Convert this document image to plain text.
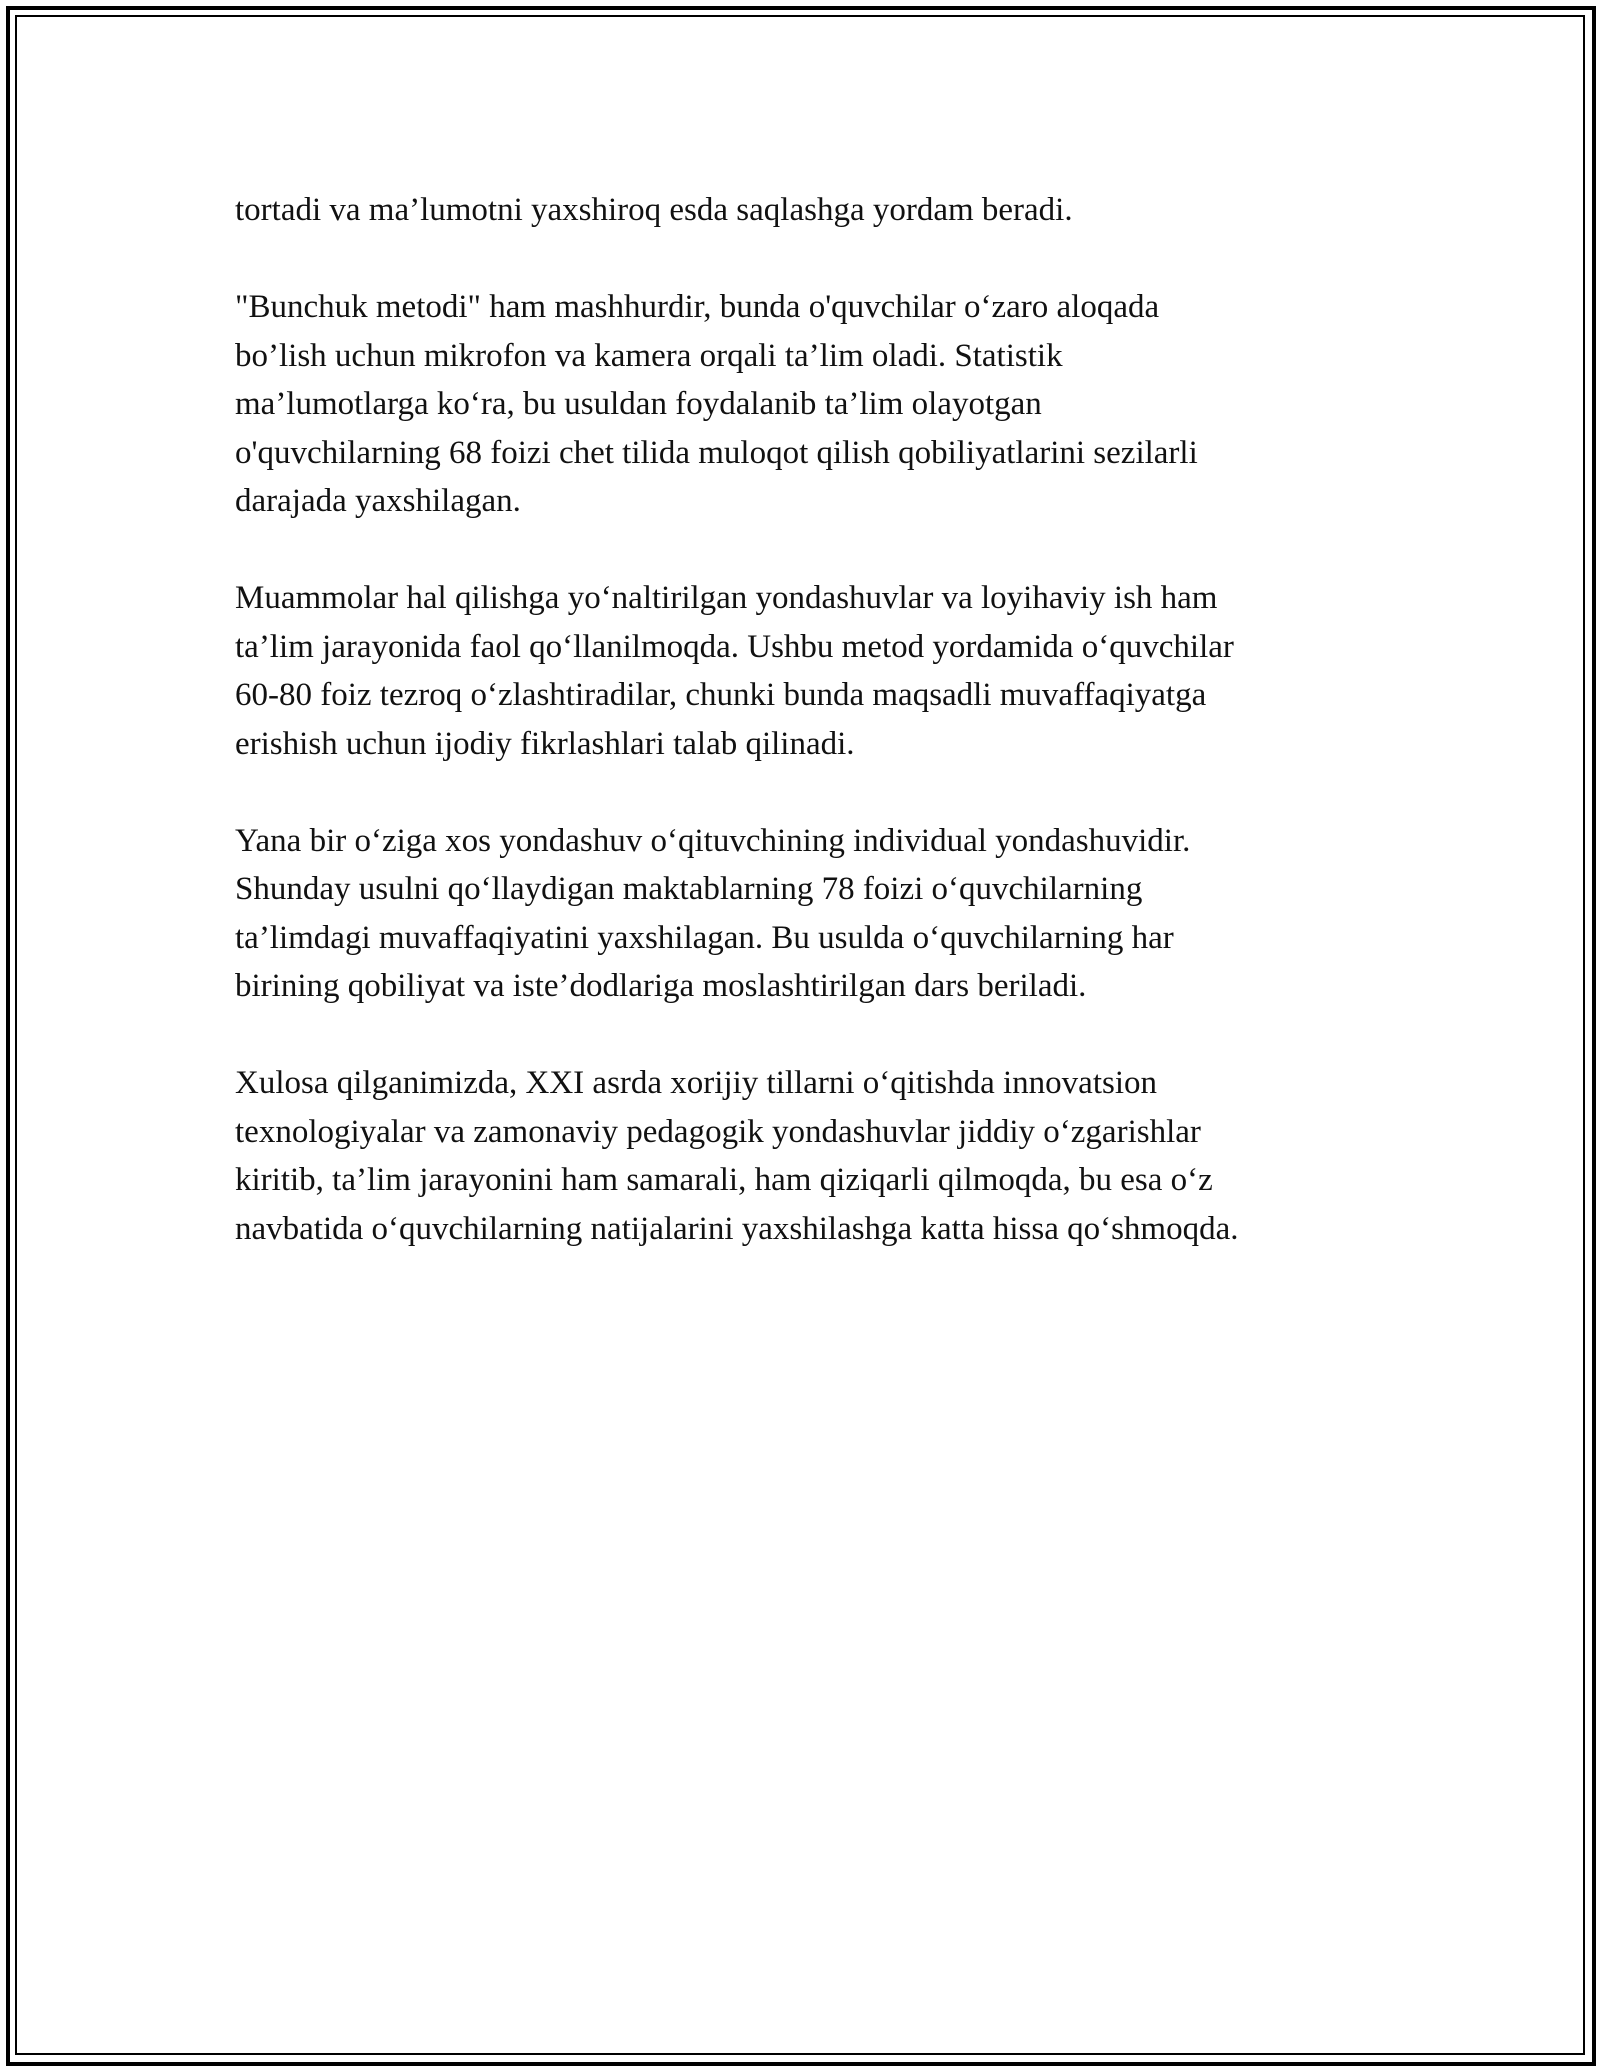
tortadi va ma’lumotni yaxshiroq esda saqlashga yordam beradi.

"Bunchuk metodi" ham mashhurdir, bunda o'quvchilar o‘zaro aloqada
bo’lish uchun mikrofon va kamera orqali ta’lim oladi. Statistik
ma’lumotlarga ko‘ra, bu usuldan foydalanib ta’lim olayotgan
o'quvchilarning 68 foizi chet tilida muloqot qilish qobiliyatlarini sezilarli
darajada yaxshilagan.

Muammolar hal qilishga yo‘naltirilgan yondashuvlar va loyihaviy ish ham
ta’lim jarayonida faol qo‘llanilmoqda. Ushbu metod yordamida o‘quvchilar
60-80 foiz tezroq o‘zlashtiradilar, chunki bunda maqsadli muvaffaqiyatga
erishish uchun ijodiy fikrlashlari talab qilinadi.

Yana bir o‘ziga xos yondashuv o‘qituvchining individual yondashuvidir.
Shunday usulni qo‘llaydigan maktablarning 78 foizi o‘quvchilarning
ta’limdagi muvaffaqiyatini yaxshilagan. Bu usulda o‘quvchilarning har
birining qobiliyat va iste’dodlariga moslashtirilgan dars beriladi.

Xulosa qilganimizda, XXI asrda xorijiy tillarni o‘qitishda innovatsion
texnologiyalar va zamonaviy pedagogik yondashuvlar jiddiy o‘zgarishlar
kiritib, ta’lim jarayonini ham samarali, ham qiziqarli qilmoqda, bu esa o‘z
navbatida o‘quvchilarning natijalarini yaxshilashga katta hissa qo‘shmoqda.
